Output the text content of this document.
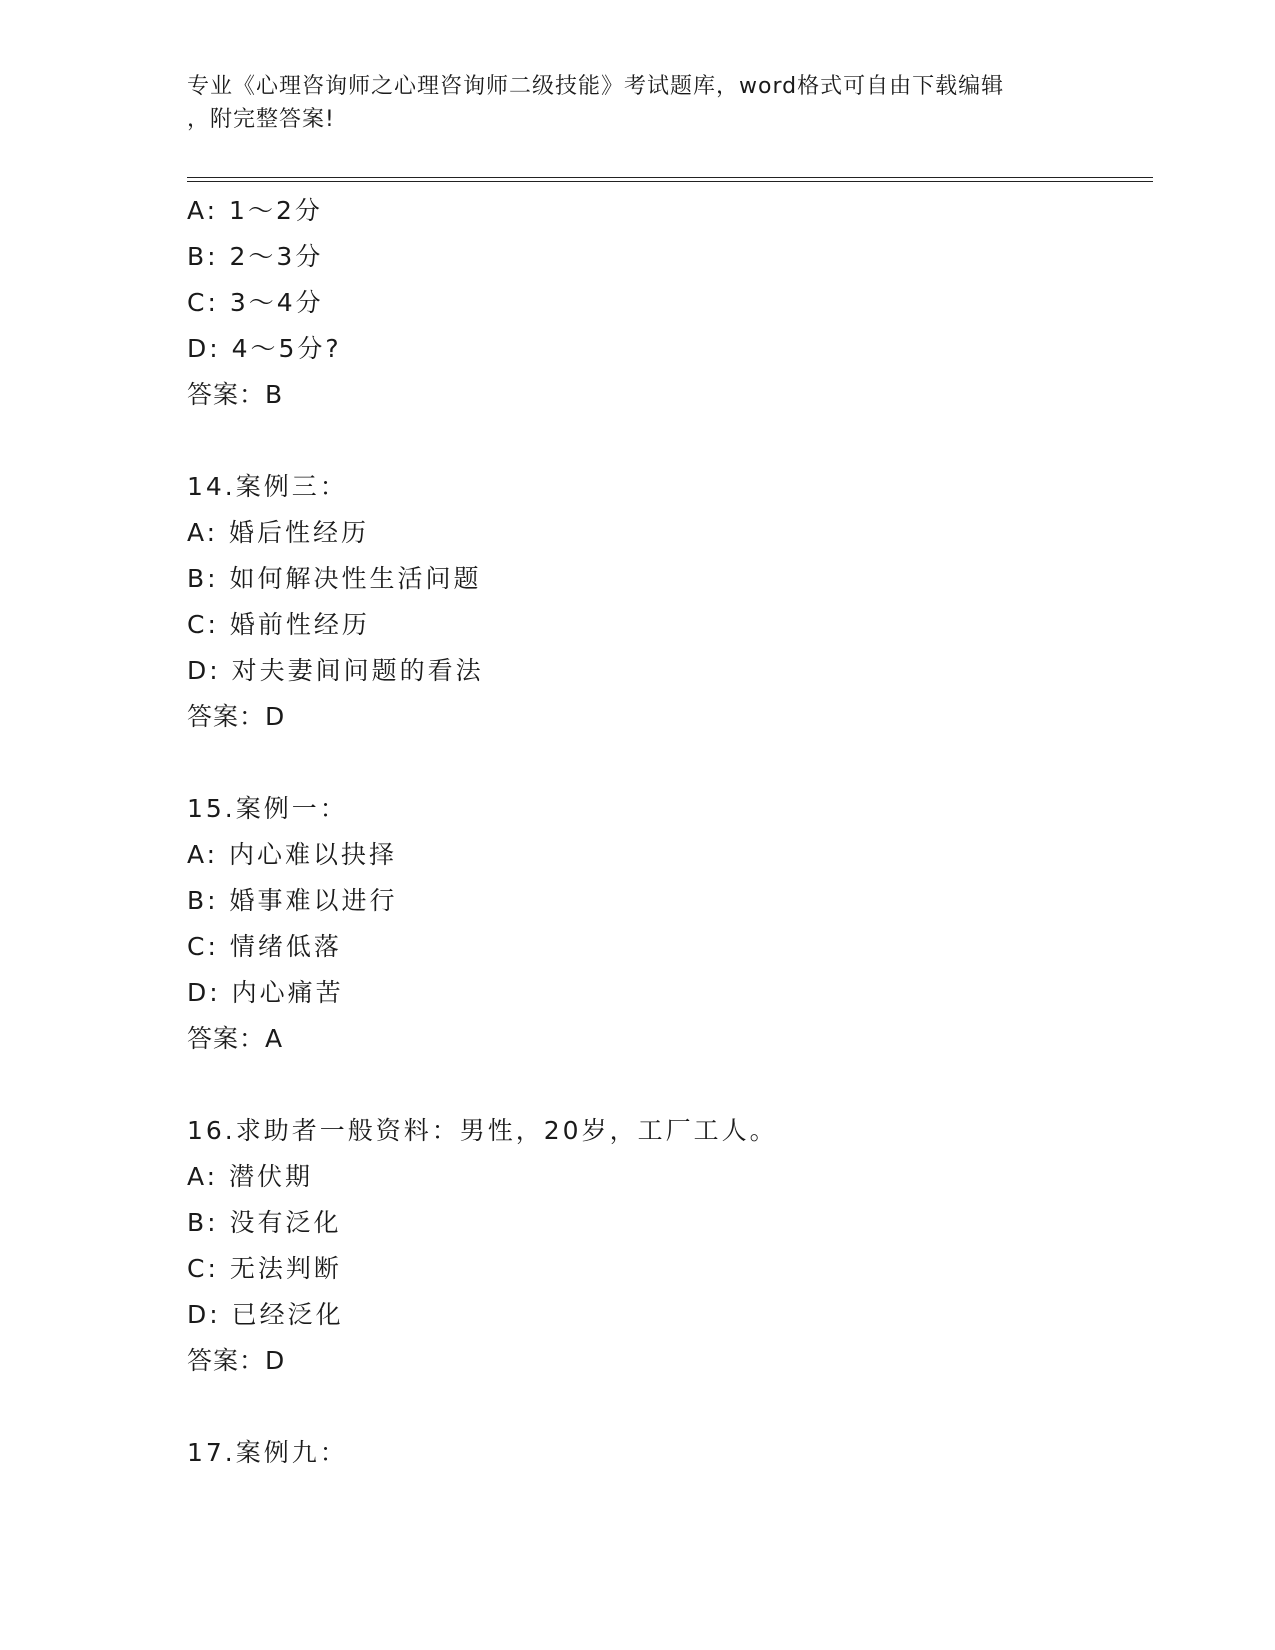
专业《心理咨询师之心理咨询师二级技能》考试题库，word格式可自由下载编辑
，附完整答案!
A: 1～2分
B: 2～3分
C: 3～4分
D: 4～5分?
答案：B
14.案例三：
A: 婚后性经历
B: 如何解决性生活问题
C: 婚前性经历
D: 对夫妻间问题的看法
答案：D
15.案例一：
A: 内心难以抉择
B: 婚事难以进行
C: 情绪低落
D: 内心痛苦
答案：A
16.求助者一般资料：男性，20岁，工厂工人。
A: 潜伏期
B: 没有泛化
C: 无法判断
D: 已经泛化
答案：D
17.案例九：
